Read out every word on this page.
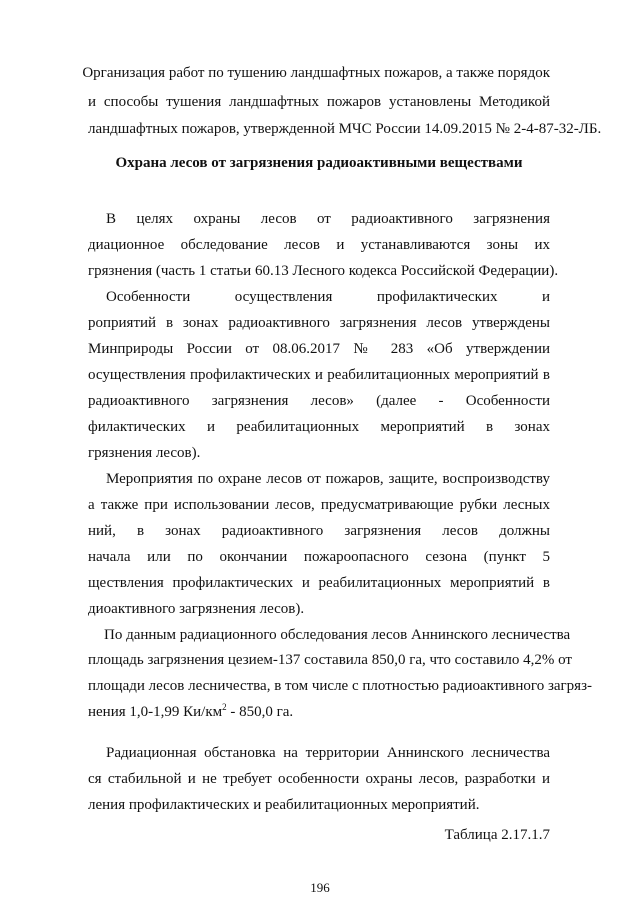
Организация работ по тушению ландшафтных пожаров, а также порядок
и способы тушения ландшафтных пожаров установлены Методикой
ландшафтных пожаров, утвержденной МЧС России 14.09.2015 № 2-4-87-32-ЛБ.
Охрана лесов от загрязнения радиоактивными веществами
В целях охраны лесов от радиоактивного загрязнения
диационное обследование лесов и устанавливаются зоны их
грязнения (часть 1 статьи 60.13 Лесного кодекса Российской Федерации).
Особенности осуществления профилактических и
роприятий в зонах радиоактивного загрязнения лесов утверждены
Минприроды России от 08.06.2017 № 283 «Об утверждении
осуществления профилактических и реабилитационных мероприятий в
радиоактивного загрязнения лесов» (далее - Особенности
филактических и реабилитационных мероприятий в зонах
грязнения лесов).
Мероприятия по охране лесов от пожаров, защите, воспроизводству
а также при использовании лесов, предусматривающие рубки лесных
ний, в зонах радиоактивного загрязнения лесов должны
начала или по окончании пожароопасного сезона (пункт 5
ществления профилактических и реабилитационных мероприятий в
диоактивного загрязнения лесов).
По данным радиационного обследования лесов Аннинского лесничества
площадь загрязнения цезием-137 составила 850,0 га, что составило 4,2% от
площади лесов лесничества, в том числе с плотностью радиоактивного загряз-
нения 1,0-1,99 $Ки/км^2 - 850,0$ га.
Радиационная обстановка на территории Аннинского лесничества
ся стабильной и не требует особенности охраны лесов, разработки и
ления профилактических и реабилитационных мероприятий.
Таблица 2.17.1.7
196
